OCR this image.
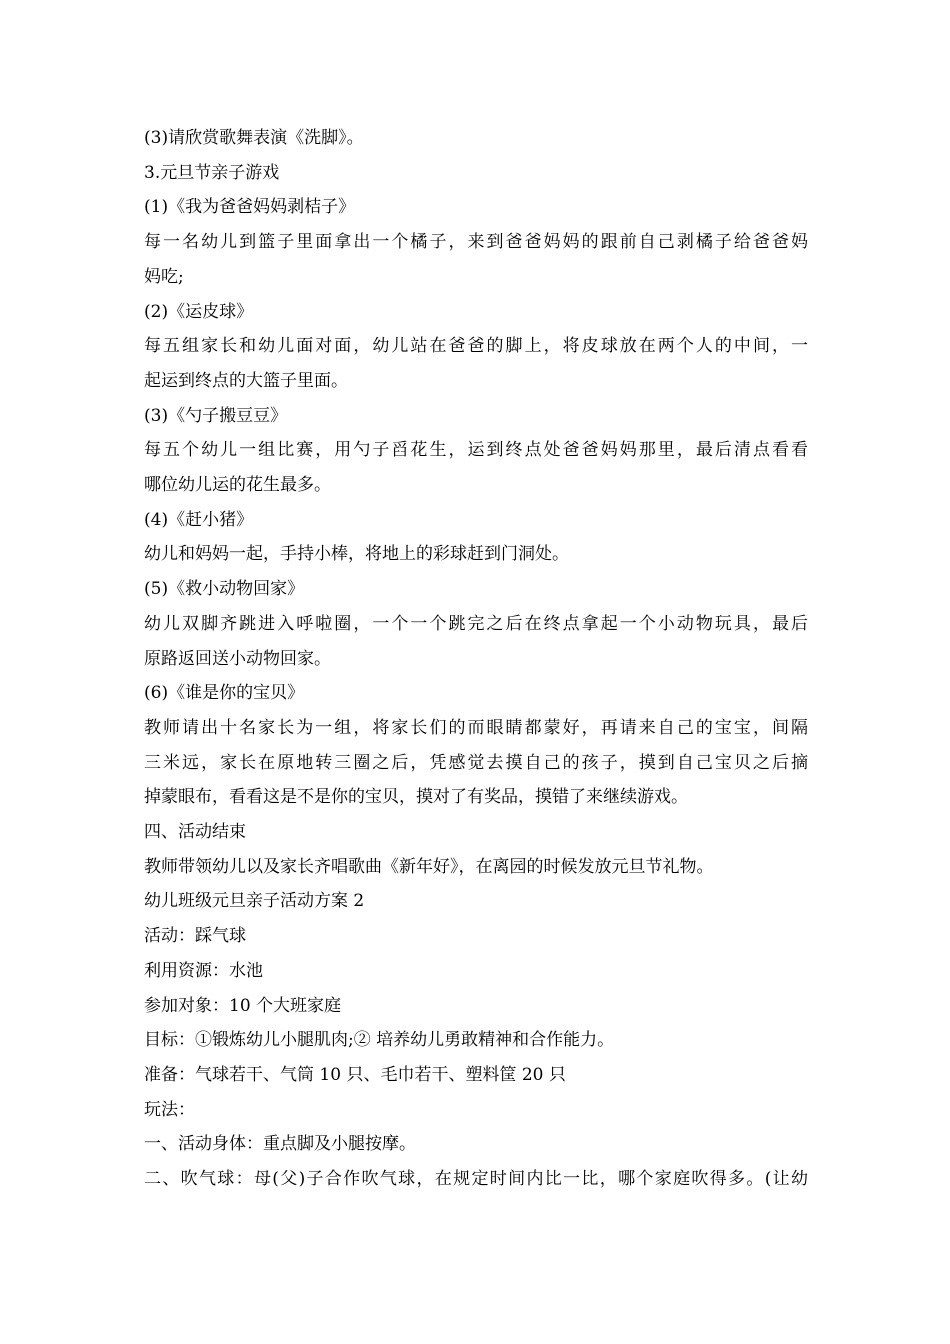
(3)请欣赏歌舞表演《洗脚》。

3.元旦节亲子游戏

(1)《我为爸爸妈妈剥桔子》

每一名幼儿到篮子里面拿出一个橘子，来到爸爸妈妈的跟前自己剥橘子给爸爸妈

妈吃;

(2)《运皮球》

每五组家长和幼儿面对面，幼儿站在爸爸的脚上，将皮球放在两个人的中间，一

起运到终点的大篮子里面。

(3)《勺子搬豆豆》

每五个幼儿一组比赛，用勺子舀花生，运到终点处爸爸妈妈那里，最后清点看看

哪位幼儿运的花生最多。

(4)《赶小猪》

幼儿和妈妈一起，手持小棒，将地上的彩球赶到门洞处。

(5)《救小动物回家》

幼儿双脚齐跳进入呼啦圈，一个一个跳完之后在终点拿起一个小动物玩具，最后

原路返回送小动物回家。

(6)《谁是你的宝贝》

教师请出十名家长为一组，将家长们的而眼睛都蒙好，再请来自己的宝宝，间隔

三米远，家长在原地转三圈之后，凭感觉去摸自己的孩子，摸到自己宝贝之后摘

掉蒙眼布，看看这是不是你的宝贝，摸对了有奖品，摸错了来继续游戏。

四、活动结束

教师带领幼儿以及家长齐唱歌曲《新年好》，在离园的时候发放元旦节礼物。

幼儿班级元旦亲子活动方案 2

活动：踩气球

利用资源：水池

参加对象：10 个大班家庭

目标：①锻炼幼儿小腿肌肉;② 培养幼儿勇敢精神和合作能力。

准备：气球若干、气筒 10 只、毛巾若干、塑料筐 20 只

玩法：

一、活动身体：重点脚及小腿按摩。

二、吹气球：母(父)子合作吹气球，在规定时间内比一比，哪个家庭吹得多。(让幼
